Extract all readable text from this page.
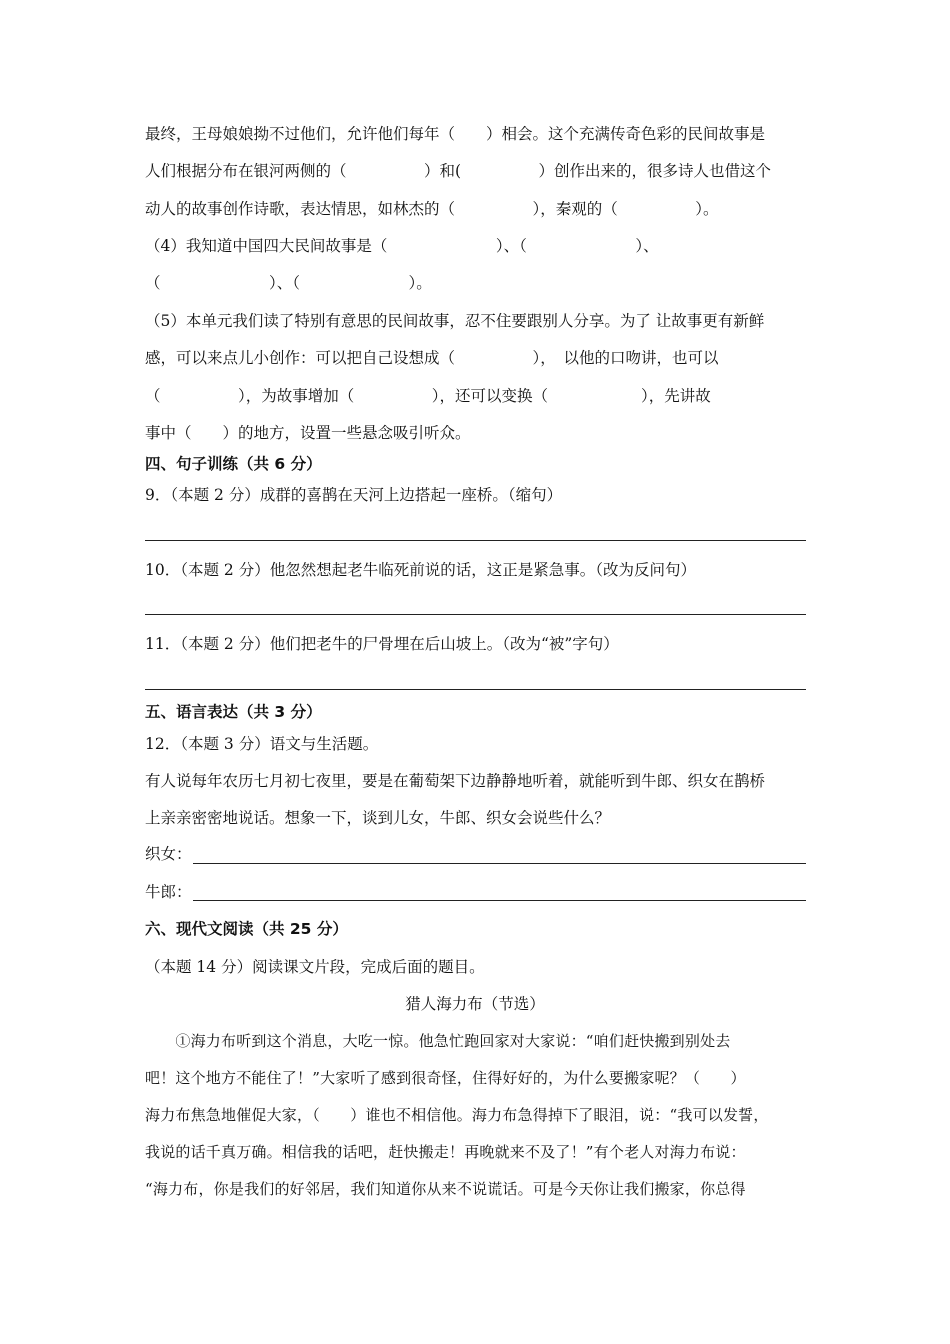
最终，王母娘娘拗不过他们，允许他们每年（　　）相会。这个充满传奇色彩的民间故事是
人们根据分布在银河两侧的（　　　　　）和(　　　　　）创作出来的，很多诗人也借这个
动人的故事创作诗歌，表达情思，如林杰的（　　　　　），秦观的（　　　　　）。
（4）我知道中国四大民间故事是（　　　　　　　）、（　　　　　　　）、
（　　　　　　　）、（　　　　　　　）。
（5）本单元我们读了特别有意思的民间故事，忍不住要跟别人分享。为了 让故事更有新鲜
感，可以来点儿小创作：可以把自己设想成（　　　　　），　以他的口吻讲，也可以
（　　　　　），为故事增加（　　　　　），还可以变换（　　　　　　），先讲故
事中（　　）的地方，设置一些悬念吸引听众。
四、句子训练（共 6 分）
9．（本题 2 分）成群的喜鹊在天河上边搭起一座桥。（缩句）
10．（本题 2 分）他忽然想起老牛临死前说的话，这正是紧急事。（改为反问句）
11．（本题 2 分）他们把老牛的尸骨埋在后山坡上。（改为“被”字句）
五、语言表达（共 3 分）
12．（本题 3 分）语文与生活题。
有人说每年农历七月初七夜里，要是在葡萄架下边静静地听着，就能听到牛郎、织女在鹊桥
上亲亲密密地说话。想象一下，谈到儿女，牛郎、织女会说些什么？
织女：
牛郎：
六、现代文阅读（共 25 分）
（本题 14 分）阅读课文片段，完成后面的题目。
猎人海力布（节选）
　　①海力布听到这个消息，大吃一惊。他急忙跑回家对大家说：“咱们赶快搬到别处去
吧！这个地方不能住了！”大家听了感到很奇怪，住得好好的，为什么要搬家呢？（　　）
海力布焦急地催促大家，（　　）谁也不相信他。海力布急得掉下了眼泪，说：“我可以发誓，
我说的话千真万确。相信我的话吧，赶快搬走！再晚就来不及了！”有个老人对海力布说：
“海力布，你是我们的好邻居，我们知道你从来不说谎话。可是今天你让我们搬家，你总得
